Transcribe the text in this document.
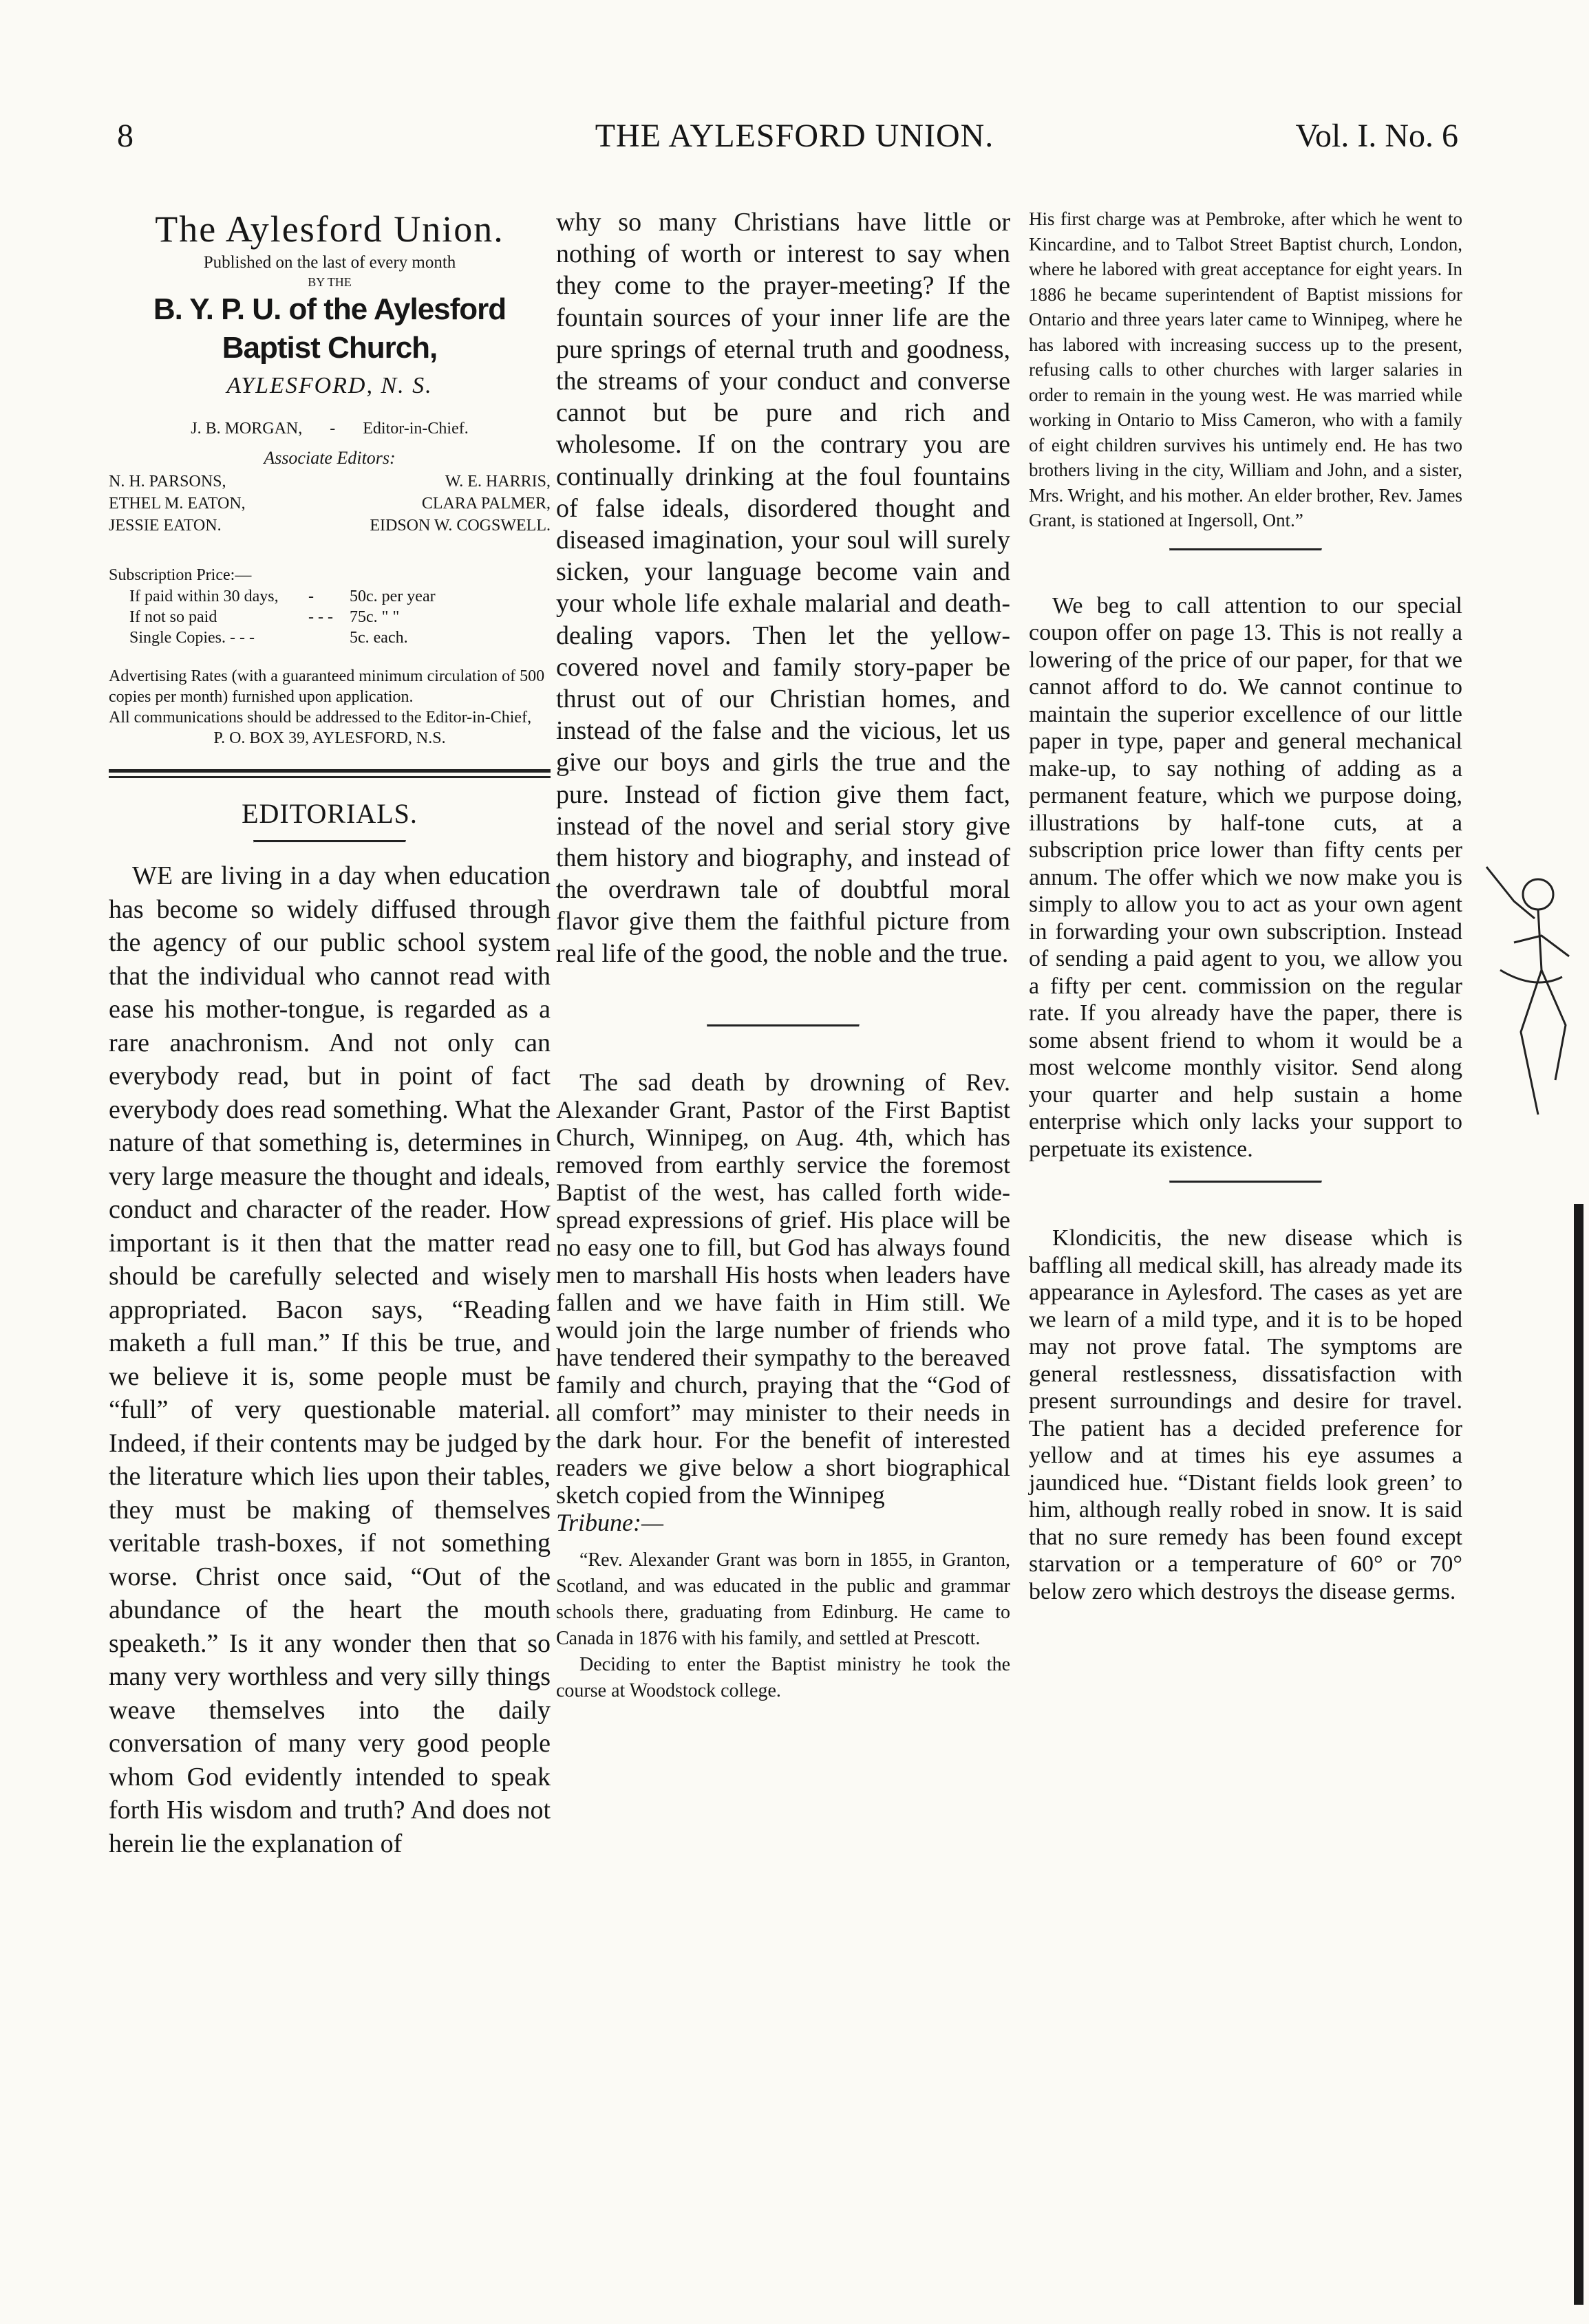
8	THE AYLESFORD UNION.	Vol. I. No. 6
The Aylesford Union.
Published on the last of every month
BY THE
B. Y. P. U. of the Aylesford Baptist Church,
AYLESFORD, N. S.
J. B. MORGAN, - Editor-in-Chief.
Associate Editors:
N. H. PARSONS,	W. E. HARRIS,
ETHEL M. EATON,	CLARA PALMER,
JESSIE EATON.	EIDSON W. COGSWELL.
Subscription Price:—
If paid within 30 days,	-	50c. per year
If not so paid	- - -	75c. " "
Single Copies. - - -	5c. each.

Advertising Rates (with a guaranteed minimum circulation of 500 copies per month) furnished upon application.

All communications should be addressed to the Editor-in-Chief,

P. O. BOX 39, AYLESFORD, N.S.

EDITORIALS.

WE are living in a day when education has become so widely diffused through the agency of our public school system that the individual who cannot read with ease his mother-tongue, is regarded as a rare anachronism. And not only can everybody read, but in point of fact everybody does read something. What the nature of that something is, determines in very large measure the thought and ideals, conduct and character of the reader. How important is it then that the matter read should be carefully selected and wisely appropriated. Bacon says, “Reading maketh a full man.” If this be true, and we believe it is, some people must be “full” of very questionable material. Indeed, if their contents may be judged by the literature which lies upon their tables, they must be making of themselves veritable trash-boxes, if not something worse. Christ once said, “Out of the abundance of the heart the mouth speaketh.” Is it any wonder then that so many very worthless and very silly things weave themselves into the daily conversation of many very good people whom God evidently intended to speak forth His wisdom and truth? And does not herein lie the explanation of

why so many Christians have little or nothing of worth or interest to say when they come to the prayer-meeting? If the fountain sources of your inner life are the pure springs of eternal truth and goodness, the streams of your conduct and converse cannot but be pure and rich and wholesome. If on the contrary you are continually drinking at the foul fountains of false ideals, disordered thought and diseased imagination, your soul will surely sicken, your language become vain and your whole life exhale malarial and death-dealing vapors. Then let the yellow-covered novel and family story-paper be thrust out of our Christian homes, and instead of the false and the vicious, let us give our boys and girls the true and the pure. Instead of fiction give them fact, instead of the novel and serial story give them history and biography, and instead of the overdrawn tale of doubtful moral flavor give them the faithful picture from real life of the good, the noble and the true.

The sad death by drowning of Rev. Alexander Grant, Pastor of the First Baptist Church, Winnipeg, on Aug. 4th, which has removed from earthly service the foremost Baptist of the west, has called forth wide-spread expressions of grief. His place will be no easy one to fill, but God has always found men to marshall His hosts when leaders have fallen and we have faith in Him still. We would join the large number of friends who have tendered their sympathy to the bereaved family and church, praying that the “God of all comfort” may minister to their needs in the dark hour. For the benefit of interested readers we give below a short biographical sketch copied from the Winnipeg

Tribune:—

“Rev. Alexander Grant was born in 1855, in Granton, Scotland, and was educated in the public and grammar schools there, graduating from Edinburg. He came to Canada in 1876 with his family, and settled at Prescott.

Deciding to enter the Baptist ministry he took the course at Woodstock college.

His first charge was at Pembroke, after which he went to Kincardine, and to Talbot Street Baptist church, London, where he labored with great acceptance for eight years. In 1886 he became superintendent of Baptist missions for Ontario and three years later came to Winnipeg, where he has labored with increasing success up to the present, refusing calls to other churches with larger salaries in order to remain in the young west. He was married while working in Ontario to Miss Cameron, who with a family of eight children survives his untimely end. He has two brothers living in the city, William and John, and a sister, Mrs. Wright, and his mother. An elder brother, Rev. James Grant, is stationed at Ingersoll, Ont.”

We beg to call attention to our special coupon offer on page 13. This is not really a lowering of the price of our paper, for that we cannot afford to do. We cannot continue to maintain the superior excellence of our little paper in type, paper and general mechanical make-up, to say nothing of adding as a permanent feature, which we purpose doing, illustrations by half-tone cuts, at a subscription price lower than fifty cents per annum. The offer which we now make you is simply to allow you to act as your own agent in forwarding your own subscription. Instead of sending a paid agent to you, we allow you a fifty per cent. commission on the regular rate. If you already have the paper, there is some absent friend to whom it would be a most welcome monthly visitor. Send along your quarter and help sustain a home enterprise which only lacks your support to perpetuate its existence.

Klondicitis, the new disease which is baffling all medical skill, has already made its appearance in Aylesford. The cases as yet are we learn of a mild type, and it is to be hoped may not prove fatal. The symptoms are general restlessness, dissatisfaction with present surroundings and desire for travel. The patient has a decided preference for yellow and at times his eye assumes a jaundiced hue. “Distant fields look green’ to him, although really robed in snow. It is said that no sure remedy has been found except starvation or a temperature of 60° or 70° below zero which destroys the disease germs.
